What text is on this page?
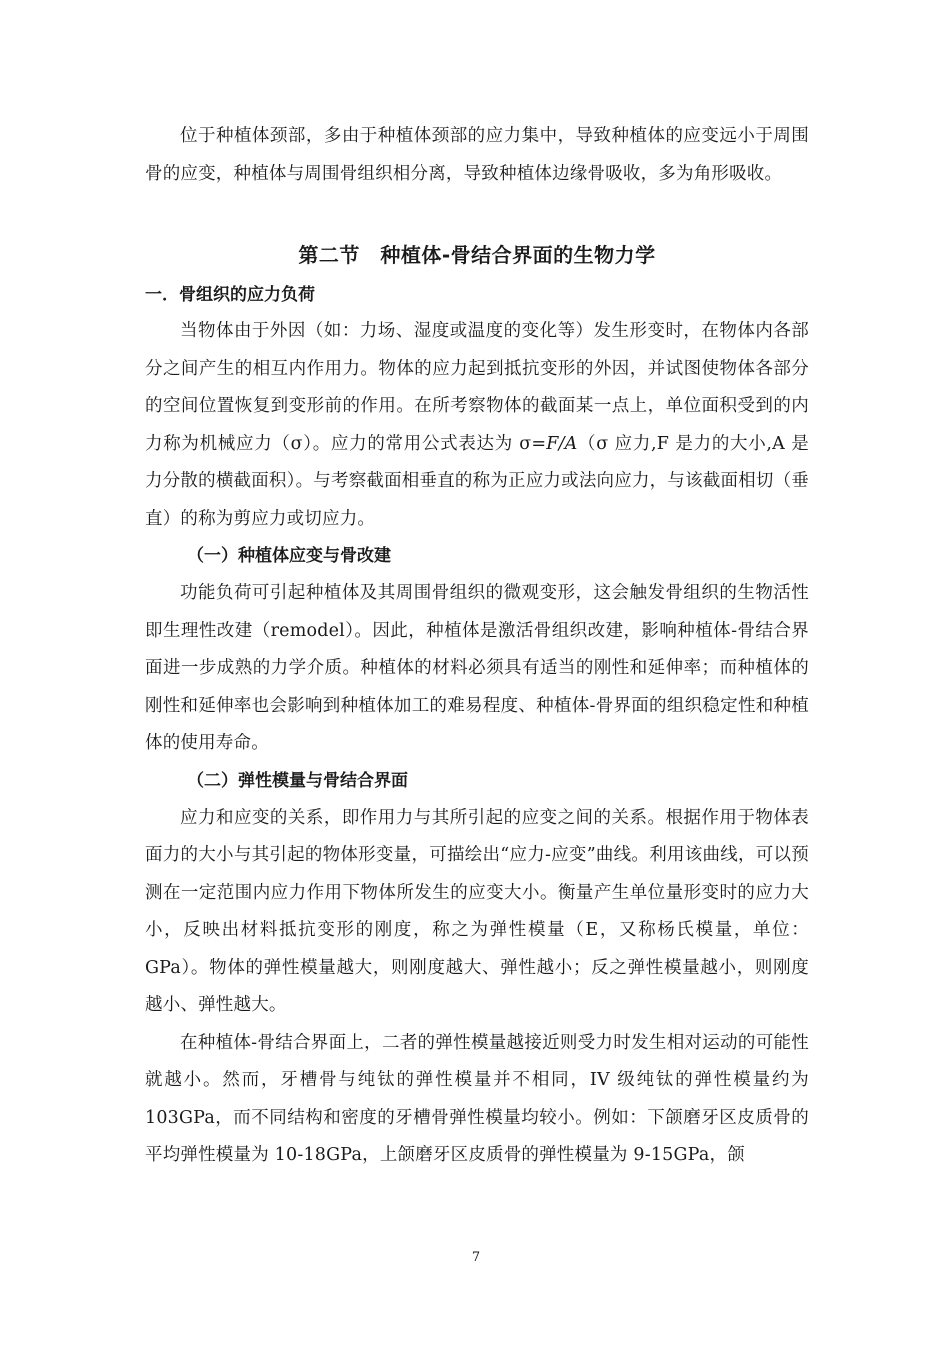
位于种植体颈部，多由于种植体颈部的应力集中，导致种植体的应变远小于周围骨的应变，种植体与周围骨组织相分离，导致种植体边缘骨吸收，多为角形吸收。

第二节　种植体-骨结合界面的生物力学
一．骨组织的应力负荷

当物体由于外因（如：力场、湿度或温度的变化等）发生形变时，在物体内各部分之间产生的相互内作用力。物体的应力起到抵抗变形的外因，并试图使物体各部分的空间位置恢复到变形前的作用。在所考察物体的截面某一点上，单位面积受到的内力称为机械应力（σ）。应力的常用公式表达为 σ=F/A（σ 应力,F 是力的大小,A 是力分散的横截面积）。与考察截面相垂直的称为正应力或法向应力，与该截面相切（垂直）的称为剪应力或切应力。

（一）种植体应变与骨改建

功能负荷可引起种植体及其周围骨组织的微观变形，这会触发骨组织的生物活性即生理性改建（remodel）。因此，种植体是激活骨组织改建，影响种植体-骨结合界面进一步成熟的力学介质。种植体的材料必须具有适当的刚性和延伸率；而种植体的刚性和延伸率也会影响到种植体加工的难易程度、种植体-骨界面的组织稳定性和种植体的使用寿命。

（二）弹性模量与骨结合界面

应力和应变的关系，即作用力与其所引起的应变之间的关系。根据作用于物体表面力的大小与其引起的物体形变量，可描绘出“应力-应变”曲线。利用该曲线，可以预测在一定范围内应力作用下物体所发生的应变大小。衡量产生单位量形变时的应力大小，反映出材料抵抗变形的刚度，称之为弹性模量（E，又称杨氏模量，单位：GPa）。物体的弹性模量越大，则刚度越大、弹性越小；反之弹性模量越小，则刚度越小、弹性越大。

在种植体-骨结合界面上，二者的弹性模量越接近则受力时发生相对运动的可能性就越小。然而，牙槽骨与纯钛的弹性模量并不相同，IV 级纯钛的弹性模量约为 103GPa，而不同结构和密度的牙槽骨弹性模量均较小。例如：下颌磨牙区皮质骨的平均弹性模量为 10-18GPa，上颌磨牙区皮质骨的弹性模量为 9-15GPa，颌

7
